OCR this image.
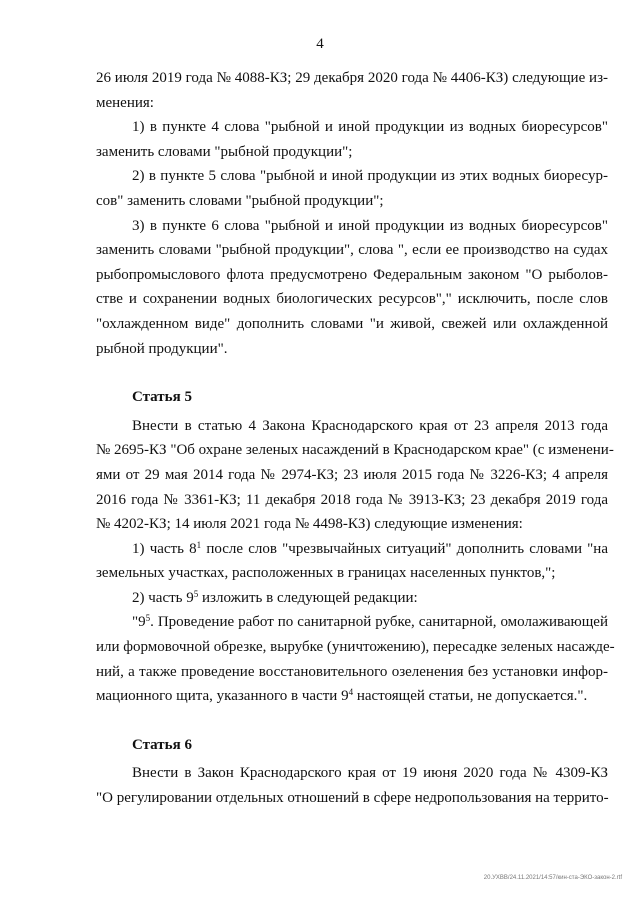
4
26 июля 2019 года № 4088-КЗ; 29 декабря 2020 года № 4406-КЗ) следующие из-
менения:
1) в пункте 4 слова "рыбной и иной продукции из водных биоресурсов"
заменить словами "рыбной продукции";
2) в пункте 5 слова "рыбной и иной продукции из этих водных биоресур-
сов" заменить словами "рыбной продукции";
3) в пункте 6 слова "рыбной и иной продукции из водных биоресурсов"
заменить словами "рыбной продукции", слова ", если ее производство на судах
рыбопромыслового флота предусмотрено Федеральным законом "О рыболов-
стве и сохранении водных биологических ресурсов"," исключить, после слов
"охлажденном виде" дополнить словами "и живой, свежей или охлажденной
рыбной продукции".
Статья 5
Внести в статью 4 Закона Краснодарского края от 23 апреля 2013 года
№ 2695-КЗ "Об охране зеленых насаждений в Краснодарском крае" (с изменени-
ями от 29 мая 2014 года № 2974-КЗ; 23 июля 2015 года № 3226-КЗ; 4 апреля
2016 года № 3361-КЗ; 11 декабря 2018 года № 3913-КЗ; 23 декабря 2019 года
№ 4202-КЗ; 14 июля 2021 года № 4498-КЗ) следующие изменения:
1) часть $8^1$ после слов "чрезвычайных ситуаций" дополнить словами "на
земельных участках, расположенных в границах населенных пунктов,";
2) часть $9^5$ изложить в следующей редакции:
"$9^5$. Проведение работ по санитарной рубке, санитарной, омолаживающей
или формовочной обрезке, вырубке (уничтожению), пересадке зеленых насажде-
ний, а также проведение восстановительного озеленения без установки инфор-
мационного щита, указанного в части $9^4$ настоящей статьи, не допускается.".
Статья 6
Внести в Закон Краснодарского края от 19 июня 2020 года № 4309-КЗ
"О регулировании отдельных отношений в сфере недропользования на террито-
20.УХВВ/24.11.2021/14:57/кин-ста-ЭКО-закон-2.rtf
